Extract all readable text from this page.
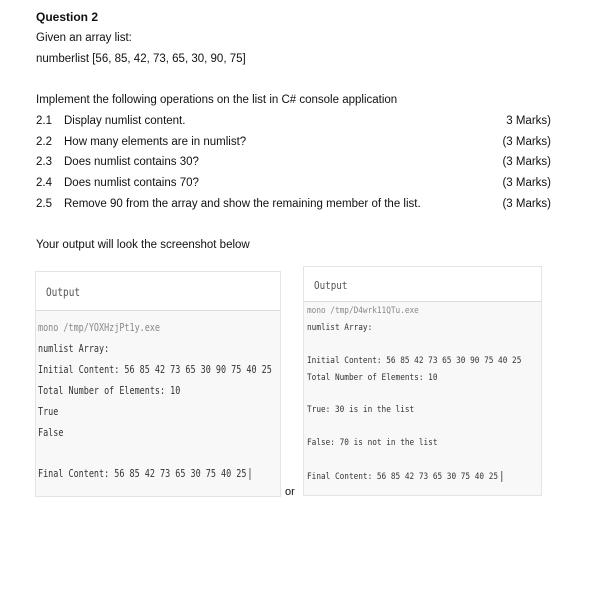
Question 2
Given an array list:
numberlist [56, 85, 42, 73, 65, 30, 90, 75]
Implement the following operations on the list in C# console application
2.1 Display numlist content.	3 Marks)
2.2 How many elements are in numlist?	(3 Marks)
2.3 Does numlist contains 30?	(3 Marks)
2.4 Does numlist contains 70?	(3 Marks)
2.5 Remove 90 from the array and show the remaining member of the list.	(3 Marks)
Your output will look the screenshot below
Output
mono /tmp/YOXHzjPt1y.exe
numlist Array:
Initial Content: 56 85 42 73 65 30 90 75 40 25
Total Number of Elements: 10
True
False
Final Content: 56 85 42 73 65 30 75 40 25
or
Output
mono /tmp/D4wrk11QTu.exe
numlist Array:
Initial Content: 56 85 42 73 65 30 90 75 40 25
Total Number of Elements: 10
True: 30 is in the list
False: 70 is not in the list
Final Content: 56 85 42 73 65 30 75 40 25
